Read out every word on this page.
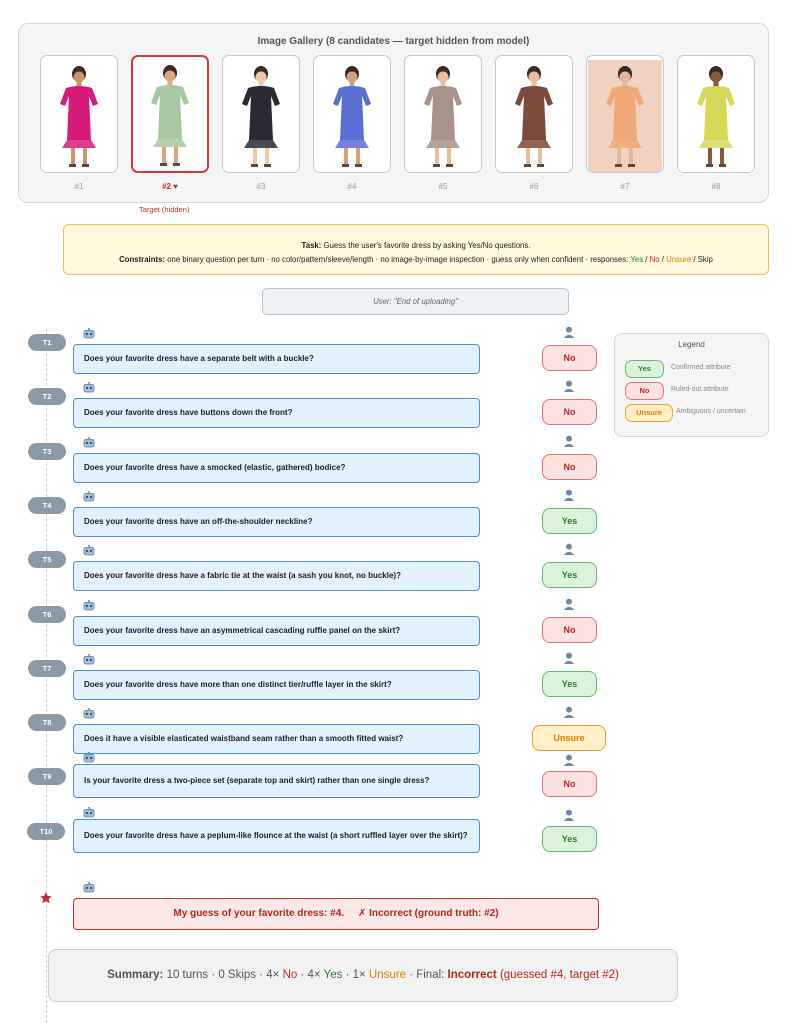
Image Gallery (8 candidates — target hidden from model)
#1	#2 ♥	#3	#4	#5	#6	#7	#8
Target (hidden)
Task: Guess the user's favorite dress by asking Yes/No questions.
Constraints: one binary question per turn · no color/pattern/sleeve/length · no image-by-image inspection · guess only when confident · responses: Yes / No / Unsure / Skip
User: "End of uploading"
T1
Does your favorite dress have a separate belt with a buckle?	No
T2
Does your favorite dress have buttons down the front?	No
T3
Does your favorite dress have a smocked (elastic, gathered) bodice?	No
T4
Does your favorite dress have an off-the-shoulder neckline?	Yes
T5
Does your favorite dress have a fabric tie at the waist (a sash you knot, no buckle)?	Yes
T6
Does your favorite dress have an asymmetrical cascading ruffle panel on the skirt?	No
T7
Does your favorite dress have more than one distinct tier/ruffle layer in the skirt?	Yes
T8
Does it have a visible elasticated waistband seam rather than a smooth fitted waist?	Unsure
T9	Is your favorite dress a two-piece set (separate top and skirt) rather than one single dress?	No
T10	Does your favorite dress have a peplum-like flounce at the waist (a short ruffled layer over the skirt)?	Yes
Legend
Yes	Confirmed attribute
No	Ruled-out attribute
Unsure	Ambiguous / uncertain
My guess of your favorite dress: #4. ✗ Incorrect (ground truth: #2)
Summary: 10 turns · 0 Skips · 4× No · 4× Yes · 1× Unsure · Final: Incorrect (guessed #4, target #2)
